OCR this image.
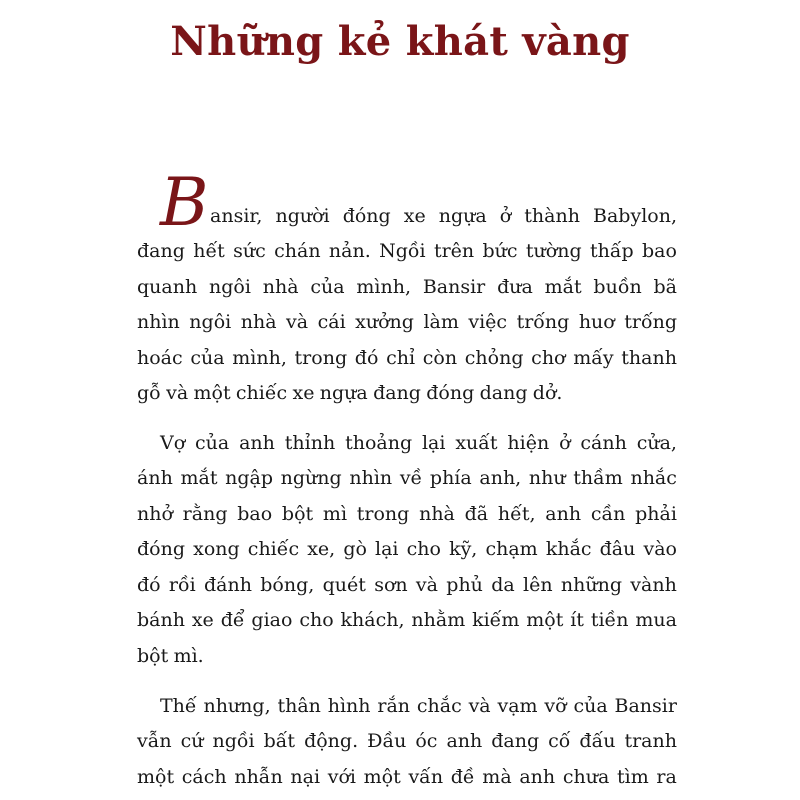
Những kẻ khát vàng
B ansir, người đóng xe ngựa ở thành Babylon,
đang hết sức chán nản. Ngồi trên bức tường thấp bao
quanh ngôi nhà của mình, Bansir đưa mắt buồn bã
nhìn ngôi nhà và cái xưởng làm việc trống huơ trống
hoác của mình, trong đó chỉ còn chỏng chơ mấy thanh
gỗ và một chiếc xe ngựa đang đóng dang dở.
Vợ của anh thỉnh thoảng lại xuất hiện ở cánh cửa,
ánh mắt ngập ngừng nhìn về phía anh, như thầm nhắc
nhở rằng bao bột mì trong nhà đã hết, anh cần phải
đóng xong chiếc xe, gò lại cho kỹ, chạm khắc đâu vào
đó rồi đánh bóng, quét sơn và phủ da lên những vành
bánh xe để giao cho khách, nhằm kiếm một ít tiền mua
bột mì.
Thế nhưng, thân hình rắn chắc và vạm vỡ của Bansir
vẫn cứ ngồi bất động. Đầu óc anh đang cố đấu tranh
một cách nhẫn nại với một vấn đề mà anh chưa tìm ra
